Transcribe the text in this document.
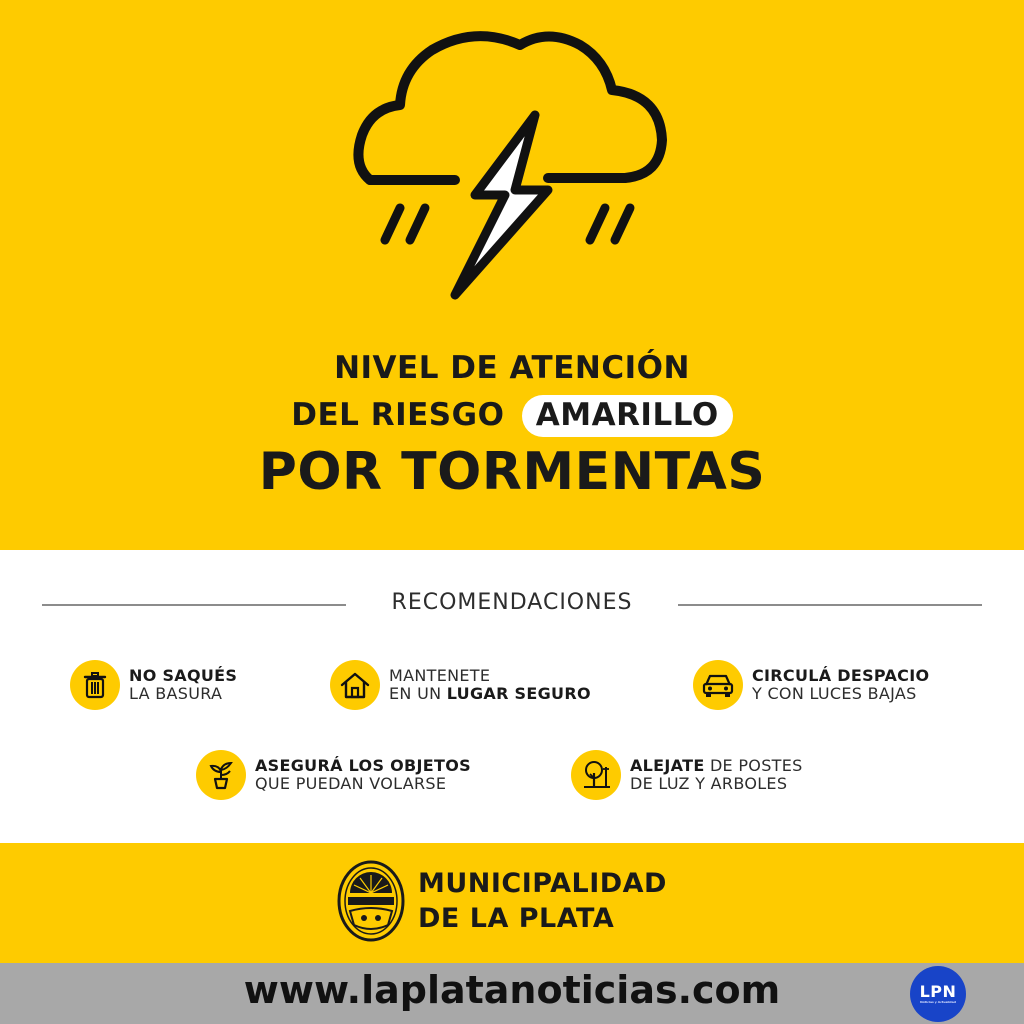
NIVEL DE ATENCIÓN
DEL RIESGO AMARILLO
POR TORMENTAS
RECOMENDACIONES
NO SAQUÉS
LA BASURA
MANTENETE
EN UN LUGAR SEGURO
CIRCULÁ DESPACIO
Y CON LUCES BAJAS
ASEGURÁ LOS OBJETOS
QUE PUEDAN VOLARSE
ALEJATE DE POSTES
DE LUZ Y ARBOLES
MUNICIPALIDAD
DE LA PLATA
www.laplatanoticias.com	LPN
Noticias y Actualidad
